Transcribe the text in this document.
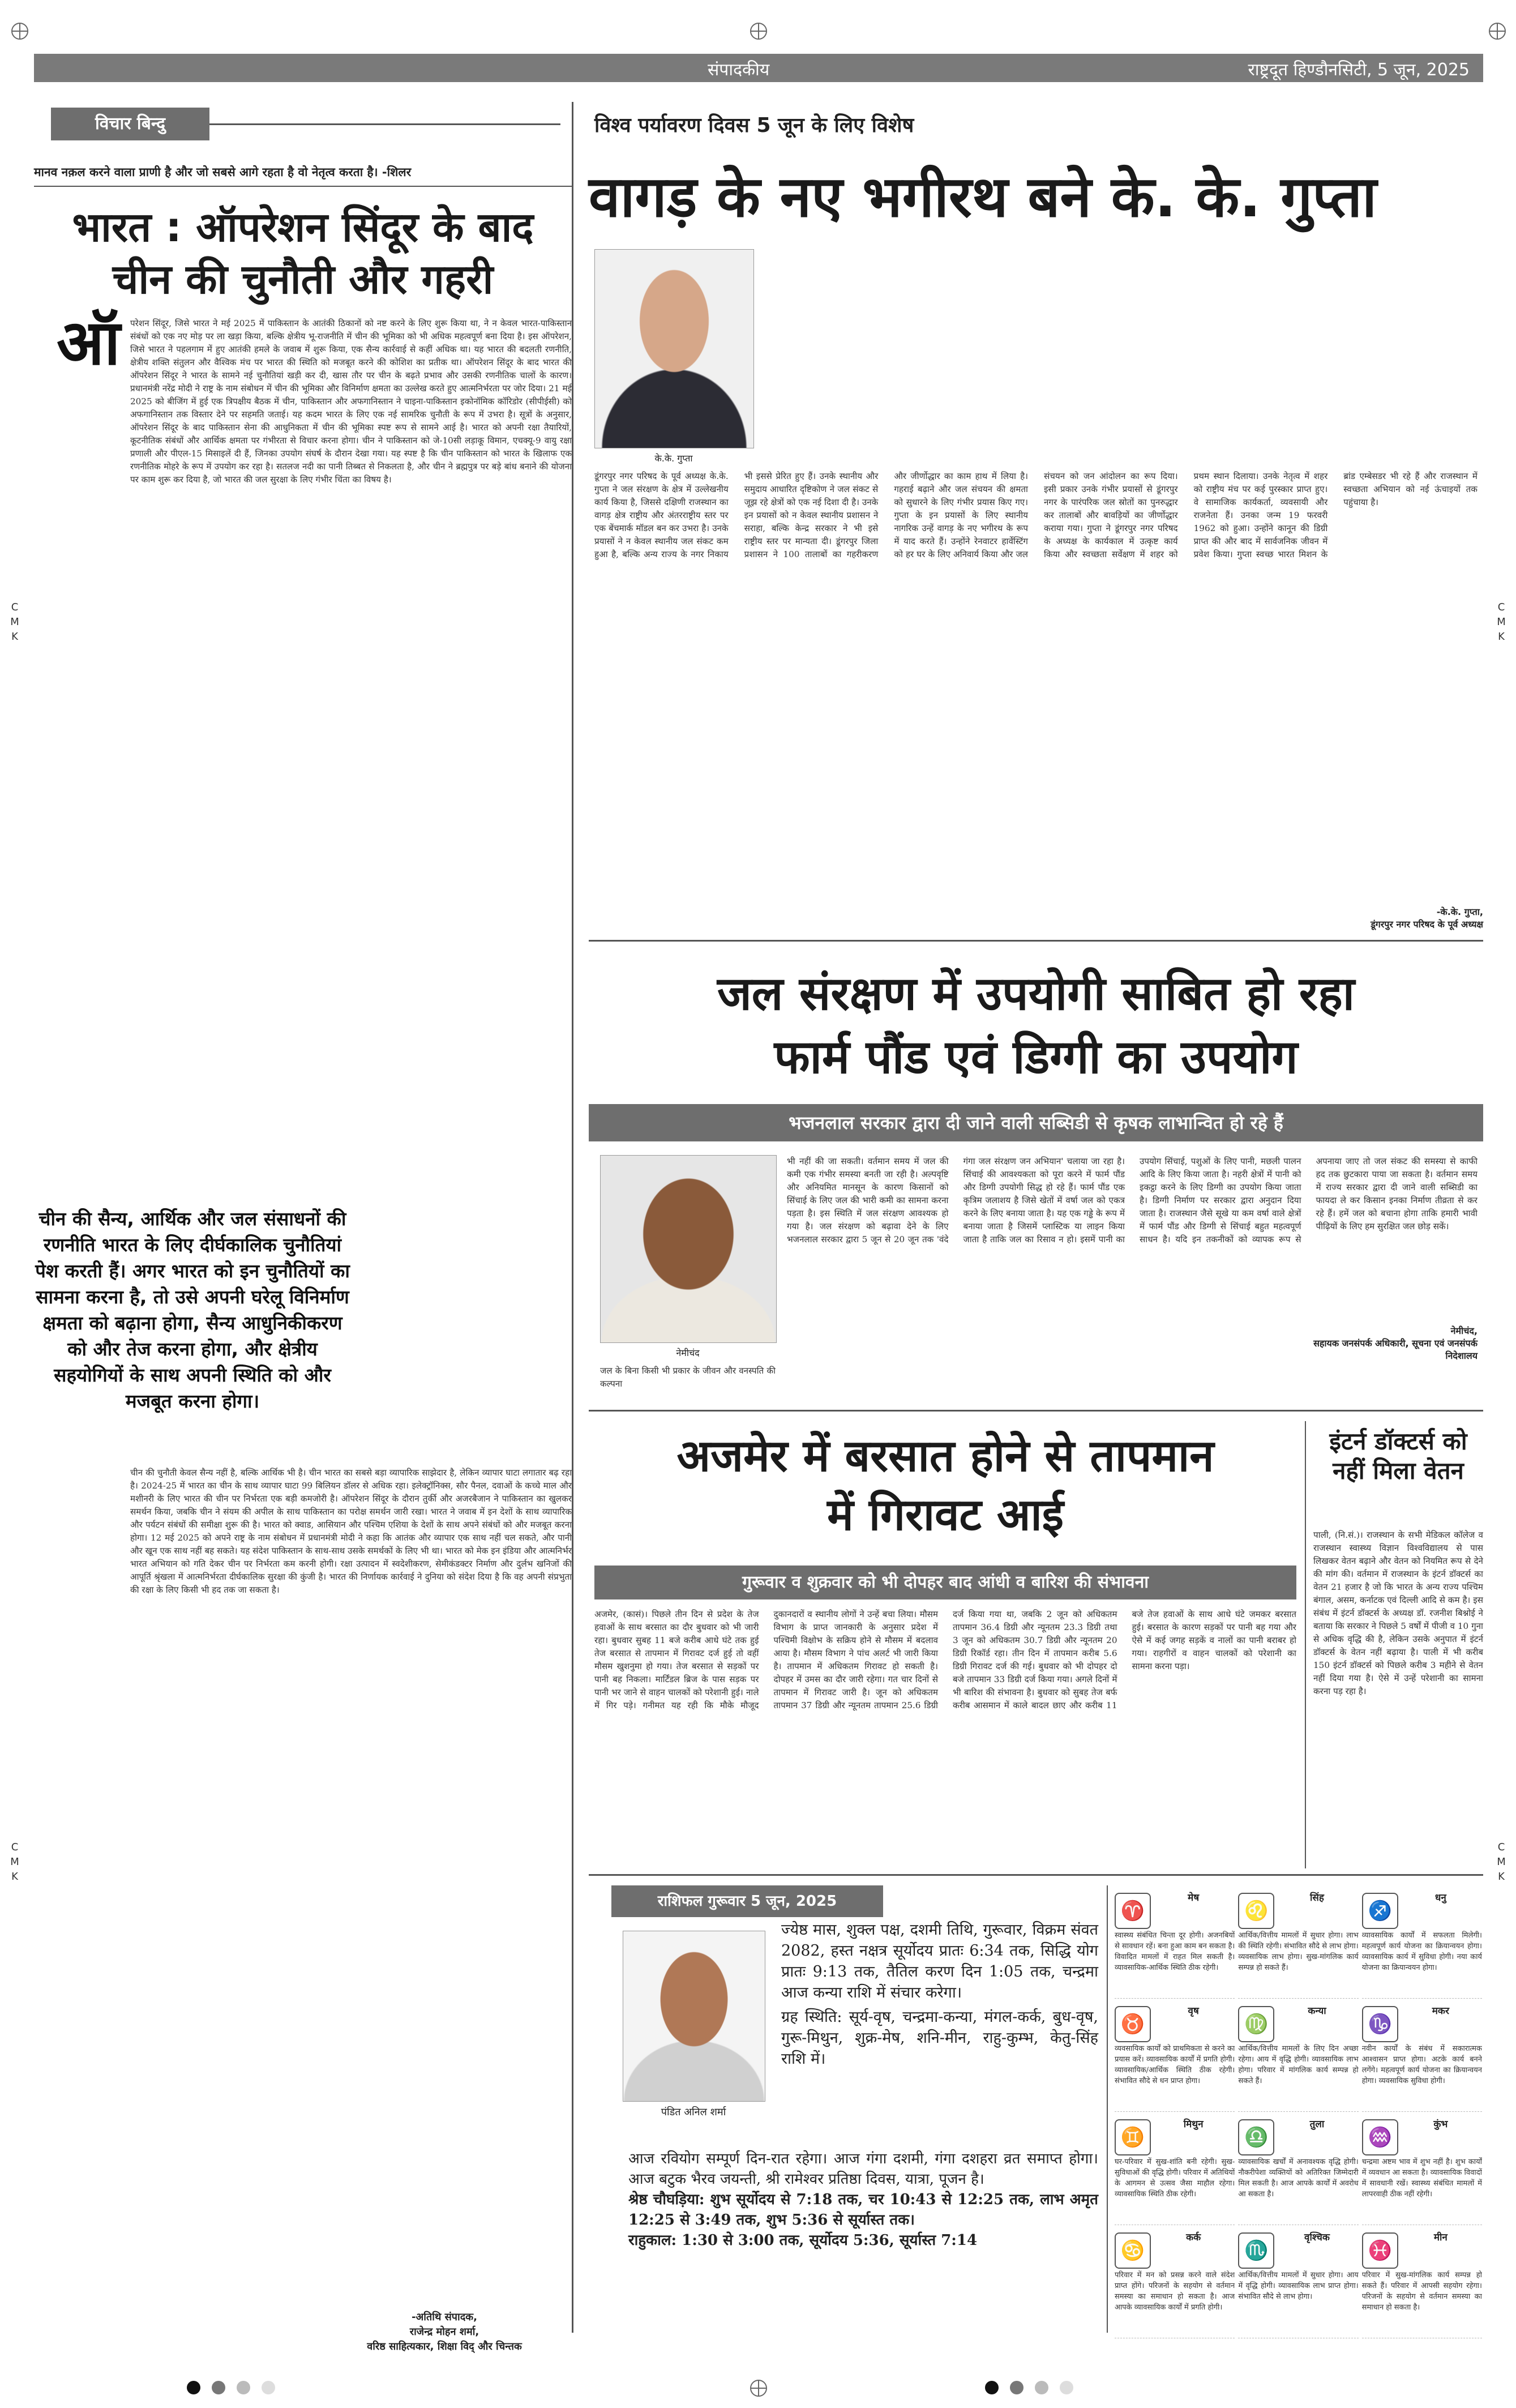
संपादकीय	राष्ट्रदूत हिण्डौनसिटी, 5 जून, 2025
C
M
K
C
M
K
C
M
K
C
M
K
विचार बिन्दु
मानव नक़ल करने वाला प्राणी है और जो सबसे आगे रहता है वो नेतृत्व करता है। -शिलर
भारत : ऑपरेशन सिंदूर के बाद
चीन की चुनौती और गहरी
ऑ परेशन सिंदूर, जिसे भारत ने मई 2025 में पाकिस्तान के आतंकी ठिकानों को नष्ट करने के लिए शुरू किया था, ने न केवल भारत-पाकिस्तान संबंधों को एक नए मोड़ पर ला खड़ा किया, बल्कि क्षेत्रीय भू-राजनीति में चीन की भूमिका को भी अधिक महत्वपूर्ण बना दिया है। इस ऑपरेशन, जिसे भारत ने पहलगाम में हुए आतंकी हमले के जवाब में शुरू किया, एक सैन्य कार्रवाई से कहीं अधिक था। यह भारत की बदलती रणनीति, क्षेत्रीय शक्ति संतुलन और वैश्विक मंच पर भारत की स्थिति को मजबूत करने की कोशिश का प्रतीक था। ऑपरेशन सिंदूर के बाद भारत की ऑपरेशन सिंदूर ने भारत के सामने नई चुनौतियां खड़ी कर दी, खास तौर पर चीन के बढ़ते प्रभाव और उसकी रणनीतिक चालों के कारण। प्रधानमंत्री नरेंद्र मोदी ने राष्ट्र के नाम संबोधन में चीन की भूमिका और विनिर्माण क्षमता का उल्लेख करते हुए आत्मनिर्भरता पर जोर दिया। 21 मई 2025 को बीजिंग में हुई एक त्रिपक्षीय बैठक में चीन, पाकिस्तान और अफगानिस्तान ने चाइना-पाकिस्तान इकोनॉमिक कॉरिडोर (सीपीईसी) को अफगानिस्तान तक विस्तार देने पर सहमति जताई। यह कदम भारत के लिए एक नई सामरिक चुनौती के रूप में उभरा है। सूत्रों के अनुसार, ऑपरेशन सिंदूर के बाद पाकिस्तान सेना की आधुनिकता में चीन की भूमिका स्पष्ट रूप से सामने आई है। भारत को अपनी रक्षा तैयारियों, कूटनीतिक संबंधों और आर्थिक क्षमता पर गंभीरता से विचार करना होगा। चीन ने पाकिस्तान को जे-10सी लड़ाकू विमान, एचक्यू-9 वायु रक्षा प्रणाली और पीएल-15 मिसाइलें दी हैं, जिनका उपयोग संघर्ष के दौरान देखा गया। यह स्पष्ट है कि चीन पाकिस्तान को भारत के खिलाफ एक रणनीतिक मोहरे के रूप में उपयोग कर रहा है। सतलज नदी का पानी तिब्बत से निकलता है, और चीन ने ब्रह्मपुत्र पर बड़े बांध बनाने की योजना पर काम शुरू कर दिया है, जो भारत की जल सुरक्षा के लिए गंभीर चिंता का विषय है।
चीन की सैन्य, आर्थिक और जल संसाधनों की रणनीति भारत के लिए दीर्घकालिक चुनौतियां पेश करती हैं। अगर भारत को इन चुनौतियों का सामना करना है, तो उसे अपनी घरेलू विनिर्माण क्षमता को बढ़ाना होगा, सैन्य आधुनिकीकरण को और तेज करना होगा, और क्षेत्रीय सहयोगियों के साथ अपनी स्थिति को और मजबूत करना होगा।
चीन की चुनौती केवल सैन्य नहीं है, बल्कि आर्थिक भी है। चीन भारत का सबसे बड़ा व्यापारिक साझेदार है, लेकिन व्यापार घाटा लगातार बढ़ रहा है। 2024-25 में भारत का चीन के साथ व्यापार घाटा 99 बिलियन डॉलर से अधिक रहा। इलेक्ट्रॉनिक्स, सौर पैनल, दवाओं के कच्चे माल और मशीनरी के लिए भारत की चीन पर निर्भरता एक बड़ी कमजोरी है। ऑपरेशन सिंदूर के दौरान तुर्की और अजरबैजान ने पाकिस्तान का खुलकर समर्थन किया, जबकि चीन ने संयम की अपील के साथ पाकिस्तान का परोक्ष समर्थन जारी रखा। भारत ने जवाब में इन देशों के साथ व्यापारिक और पर्यटन संबंधों की समीक्षा शुरू की है। भारत को क्वाड, आसियान और पश्चिम एशिया के देशों के साथ अपने संबंधों को और मजबूत करना होगा। 12 मई 2025 को अपने राष्ट्र के नाम संबोधन में प्रधानमंत्री मोदी ने कहा कि आतंक और व्यापार एक साथ नहीं चल सकते, और पानी और खून एक साथ नहीं बह सकते। यह संदेश पाकिस्तान के साथ-साथ उसके समर्थकों के लिए भी था। भारत को मेक इन इंडिया और आत्मनिर्भर भारत अभियान को गति देकर चीन पर निर्भरता कम करनी होगी। रक्षा उत्पादन में स्वदेशीकरण, सेमीकंडक्टर निर्माण और दुर्लभ खनिजों की आपूर्ति श्रृंखला में आत्मनिर्भरता दीर्घकालिक सुरक्षा की कुंजी है। भारत की निर्णायक कार्रवाई ने दुनिया को संदेश दिया है कि वह अपनी संप्रभुता की रक्षा के लिए किसी भी हद तक जा सकता है।
-अतिथि संपादक,
राजेन्द्र मोहन शर्मा,
वरिष्ठ साहित्यकार, शिक्षा विद् और चिन्तक
विश्व पर्यावरण दिवस 5 जून के लिए विशेष
वागड़ के नए भगीरथ बने के. के. गुप्ता
के.के. गुप्ता
डूंगरपुर नगर परिषद के पूर्व अध्यक्ष के.के. गुप्ता ने जल संरक्षण के क्षेत्र में उल्लेखनीय कार्य किया है, जिससे दक्षिणी राजस्थान का वागड़ क्षेत्र राष्ट्रीय और अंतरराष्ट्रीय स्तर पर एक बेंचमार्क मॉडल बन कर उभरा है। उनके प्रयासों ने न केवल स्थानीय जल संकट कम हुआ है, बल्कि अन्य राज्य के नगर निकाय भी इससे प्रेरित हुए हैं। उनके स्थानीय और समुदाय आधारित दृष्टिकोण ने जल संकट से जूझ रहे क्षेत्रों को एक नई दिशा दी है। उनके इन प्रयासों को न केवल स्थानीय प्रशासन ने सराहा, बल्कि केन्द्र सरकार ने भी इसे राष्ट्रीय स्तर पर मान्यता दी। डूंगरपुर जिला प्रशासन ने 100 तालाबों का गहरीकरण और जीर्णोद्धार का काम हाथ में लिया है। गहराई बढ़ाने और जल संचयन की क्षमता को सुधारने के लिए गंभीर प्रयास किए गए। गुप्ता के इन प्रयासों के लिए स्थानीय नागरिक उन्हें वागड़ के नए भगीरथ के रूप में याद करते हैं। उन्होंने रेनवाटर हार्वेस्टिंग को हर घर के लिए अनिवार्य किया और जल संचयन को जन आंदोलन का रूप दिया। इसी प्रकार उनके गंभीर प्रयासों से डूंगरपुर नगर के पारंपरिक जल स्रोतों का पुनरुद्धार कर तालाबों और बावड़ियों का जीर्णोद्धार कराया गया। गुप्ता ने डूंगरपुर नगर परिषद के अध्यक्ष के कार्यकाल में उत्कृष्ट कार्य किया और स्वच्छता सर्वेक्षण में शहर को प्रथम स्थान दिलाया। उनके नेतृत्व में शहर को राष्ट्रीय मंच पर कई पुरस्कार प्राप्त हुए। वे सामाजिक कार्यकर्ता, व्यवसायी और राजनेता हैं। उनका जन्म 19 फरवरी 1962 को हुआ। उन्होंने कानून की डिग्री प्राप्त की और बाद में सार्वजनिक जीवन में प्रवेश किया। गुप्ता स्वच्छ भारत मिशन के ब्रांड एम्बेसडर भी रहे हैं और राजस्थान में स्वच्छता अभियान को नई ऊंचाइयों तक पहुंचाया है।
-के.के. गुप्ता,
डूंगरपुर नगर परिषद के पूर्व अध्यक्ष
जल संरक्षण में उपयोगी साबित हो रहा
फार्म पौंड एवं डिग्गी का उपयोग
भजनलाल सरकार द्वारा दी जाने वाली सब्सिडी से कृषक लाभान्वित हो रहे हैं
नेमीचंद
जल के बिना किसी भी प्रकार के जीवन और वनस्पति की कल्पना
भी नहीं की जा सकती। वर्तमान समय में जल की कमी एक गंभीर समस्या बनती जा रही है। अल्पवृष्टि और अनियमित मानसून के कारण किसानों को सिंचाई के लिए जल की भारी कमी का सामना करना पड़ता है। इस स्थिति में जल संरक्षण आवश्यक हो गया है। जल संरक्षण को बढ़ावा देने के लिए भजनलाल सरकार द्वारा 5 जून से 20 जून तक 'वंदे गंगा जल संरक्षण जन अभियान' चलाया जा रहा है। सिंचाई की आवश्यकता को पूरा करने में फार्म पौंड और डिग्गी उपयोगी सिद्ध हो रहे हैं। फार्म पौंड एक कृत्रिम जलाशय है जिसे खेतों में वर्षा जल को एकत्र करने के लिए बनाया जाता है। यह एक गड्ढे के रूप में बनाया जाता है जिसमें प्लास्टिक या लाइन किया जाता है ताकि जल का रिसाव न हो। इसमें पानी का उपयोग सिंचाई, पशुओं के लिए पानी, मछली पालन आदि के लिए किया जाता है। नहरी क्षेत्रों में पानी को इकट्ठा करने के लिए डिग्गी का उपयोग किया जाता है। डिग्गी निर्माण पर सरकार द्वारा अनुदान दिया जाता है। राजस्थान जैसे सूखे या कम वर्षा वाले क्षेत्रों में फार्म पौंड और डिग्गी से सिंचाई बहुत महत्वपूर्ण साधन है। यदि इन तकनीकों को व्यापक रूप से अपनाया जाए तो जल संकट की समस्या से काफी हद तक छुटकारा पाया जा सकता है। वर्तमान समय में राज्य सरकार द्वारा दी जाने वाली सब्सिडी का फायदा ले कर किसान इनका निर्माण तीव्रता से कर रहे हैं। हमें जल को बचाना होगा ताकि हमारी भावी पीढ़ियों के लिए हम सुरक्षित जल छोड़ सकें।
नेमीचंद,
सहायक जनसंपर्क अधिकारी, सूचना एवं जनसंपर्क निदेशालय
अजमेर में बरसात होने से तापमान
में गिरावट आई
गुरूवार व शुक्रवार को भी दोपहर बाद आंधी व बारिश की संभावना
अजमेर, (कासं)। पिछले तीन दिन से प्रदेश के तेज हवाओं के साथ बरसात का दौर बुधवार को भी जारी रहा। बुधवार सुबह 11 बजे करीब आधे घंटे तक हुई तेज बरसात से तापमान में गिरावट दर्ज हुई तो वहीं मौसम खुशनुमा हो गया। तेज बरसात से सड़कों पर पानी बह निकला। मार्टिंडल ब्रिज के पास सड़क पर पानी भर जाने से वाहन चालकों को परेशानी हुई। नाले में गिर पड़े। गनीमत यह रही कि मौके मौजूद दुकानदारों व स्थानीय लोगों ने उन्हें बचा लिया। मौसम विभाग के प्राप्त जानकारी के अनुसार प्रदेश में पश्चिमी विक्षोभ के सक्रिय होने से मौसम में बदलाव आया है। मौसम विभाग ने पांच अलर्ट भी जारी किया है। तापमान में अधिकतम गिरावट हो सकती है। दोपहर में उमस का दौर जारी रहेगा। गत चार दिनों से तापमान में गिरावट जारी है। जून को अधिकतम तापमान 37 डिग्री और न्यूनतम तापमान 25.6 डिग्री दर्ज किया गया था, जबकि 2 जून को अधिकतम तापमान 36.4 डिग्री और न्यूनतम 23.3 डिग्री तथा 3 जून को अधिकतम 30.7 डिग्री और न्यूनतम 20 डिग्री रिकॉर्ड रहा। तीन दिन में तापमान करीब 5.6 डिग्री गिरावट दर्ज की गई। बुधवार को भी दोपहर दो बजे तापमान 33 डिग्री दर्ज किया गया। अगले दिनों में भी बारिश की संभावना है। बुधवार को सुबह तेज बर्फ करीब आसमान में काले बादल छाए और करीब 11 बजे तेज हवाओं के साथ आधे घंटे जमकर बरसात हुई। बरसात के कारण सड़कों पर पानी बह गया और ऐसे में कई जगह सड़कें व नालों का पानी बराबर हो गया। राहगीरों व वाहन चालकों को परेशानी का सामना करना पड़ा।
इंटर्न डॉक्टर्स को नहीं मिला वेतन
पाली, (नि.सं.)। राजस्थान के सभी मेडिकल कॉलेज व राजस्थान स्वास्थ्य विज्ञान विश्वविद्यालय से पास लिखकर वेतन बढ़ाने और वेतन को नियमित रूप से देने की मांग की। वर्तमान में राजस्थान के इंटर्न डॉक्टर्स का वेतन 21 हजार है जो कि भारत के अन्य राज्य पश्चिम बंगाल, असम, कर्नाटक एवं दिल्ली आदि से कम है। इस संबंध में इंटर्न डॉक्टर्स के अध्यक्ष डॉ. रजनीश बिश्नोई ने बताया कि सरकार ने पिछले 5 वर्षों में पीजी व 10 गुना से अधिक वृद्धि की है, लेकिन उसके अनुपात में इंटर्न डॉक्टर्स के वेतन नहीं बढ़ाया है। पाली में भी करीब 150 इंटर्न डॉक्टर्स को पिछले करीब 3 महीने से वेतन नहीं दिया गया है। ऐसे में उन्हें परेशानी का सामना करना पड़ रहा है।
राशिफल गुरूवार 5 जून, 2025
पंडित अनिल शर्मा
ज्येष्ठ मास, शुक्ल पक्ष, दशमी तिथि, गुरूवार, विक्रम संवत 2082, हस्त नक्षत्र सूर्योदय प्रातः 6:34 तक, सिद्धि योग प्रातः 9:13 तक, तैतिल करण दिन 1:05 तक, चन्द्रमा आज कन्या राशि में संचार करेगा।
ग्रह स्थिति: सूर्य-वृष, चन्द्रमा-कन्या, मंगल-कर्क, बुध-वृष, गुरू-मिथुन, शुक्र-मेष, शनि-मीन, राहु-कुम्भ, केतु-सिंह राशि में।
आज रवियोग सम्पूर्ण दिन-रात रहेगा। आज गंगा दशमी, गंगा दशहरा व्रत समाप्त होगा। आज बटुक भैरव जयन्ती, श्री रामेश्वर प्रतिष्ठा दिवस, यात्रा, पूजन है।
श्रेष्ठ चौघड़िया: शुभ सूर्योदय से 7:18 तक, चर 10:43 से 12:25 तक, लाभ अमृत 12:25 से 3:49 तक, शुभ 5:36 से सूर्यास्त तक।
राहुकाल: 1:30 से 3:00 तक, सूर्योदय 5:36, सूर्यास्त 7:14
♈
मेष
स्वास्थ्य संबंधित चिन्ता दूर होगी। अजनबियों से सावधान रहें। बना हुआ काम बन सकता है। विवादित मामलों में राहत मिल सकती है। व्यावसायिक-आर्थिक स्थिति ठीक रहेगी।
♌
सिंह
आर्थिक/वित्तीय मामलों में सुधार होगा। लाभ की स्थिति रहेगी। संभावित सौदे से लाभ होगा। व्यवसायिक लाभ होगा। सुख-मांगलिक कार्य सम्पन्न हो सकते हैं।
♐
धनु
व्यावसायिक कार्यों में सफलता मिलेगी। महत्वपूर्ण कार्य योजना का क्रियान्वयन होगा। व्यावसायिक कार्य में सुविधा होगी। नया कार्य योजना का क्रियान्वयन होगा।
♉
वृष
व्यवसायिक कार्यों को प्राथमिकता से करने का प्रयास करें। व्यावसायिक कार्यों में प्रगति होगी। व्यावसायिक/आर्थिक स्थिति ठीक रहेगी। संभावित सौदे से धन प्राप्त होगा।
♍
कन्या
आर्थिक/वित्तीय मामलों के लिए दिन अच्छा रहेगा। आय में वृद्धि होगी। व्यावसायिक लाभ होगा। परिवार में मांगलिक कार्य सम्पन्न हो सकते हैं।
♑
मकर
नवीन कार्यों के संबंध में सकारात्मक आश्वासन प्राप्त होगा। अटके कार्य बनने लगेंगे। महत्वपूर्ण कार्य योजना का क्रियान्वयन होगा। व्यवसायिक सुविधा होगी।
♊
मिथुन
घर-परिवार में सुख-शांति बनी रहेगी। सुख-सुविधाओं की वृद्धि होगी। परिवार में अतिथियों के आगमन से उत्सव जैसा माहौल रहेगा। व्यावसायिक स्थिति ठीक रहेगी।
♎
तुला
व्यावसायिक खर्चों में अनावश्यक वृद्धि होगी। नौकरीपेशा व्यक्तियों को अतिरिक्त जिम्मेदारी मिल सकती है। आज आपके कार्यों में अवरोध आ सकता है।
♒
कुंभ
चन्द्रमा अष्टम भाव में शुभ नहीं है। शुभ कार्यों में व्यवधान आ सकता है। व्यावसायिक विवादों में सावधानी रखें। स्वास्थ्य संबंधित मामलों में लापरवाही ठीक नहीं रहेगी।
♋
कर्क
परिवार में मन को प्रसन्न करने वाले संदेश प्राप्त होंगे। परिजनों के सहयोग से वर्तमान समस्या का समाधान हो सकता है। आज आपके व्यावसायिक कार्यों में प्रगति होगी।
♏
वृश्चिक
आर्थिक/वित्तीय मामलों में सुधार होगा। आय में वृद्धि होगी। व्यावसायिक लाभ प्राप्त होगा। संभावित सौदे से लाभ होगा।
♓
मीन
परिवार में सुख-मांगलिक कार्य सम्पन्न हो सकते हैं। परिवार में आपसी सहयोग रहेगा। परिजनों के सहयोग से वर्तमान समस्या का समाधान हो सकता है।
